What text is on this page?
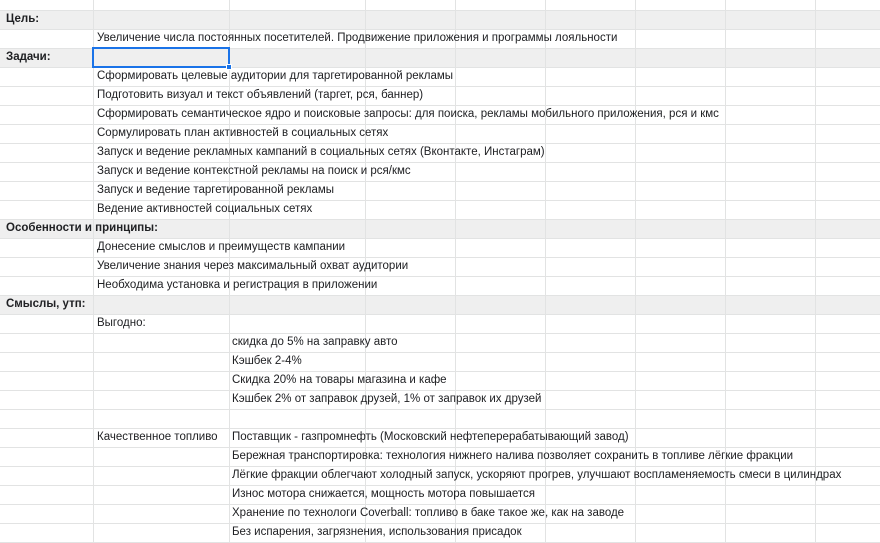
Цель:
Увеличение числа постоянных посетителей. Продвижение приложения и программы лояльности
Задачи:
Сформировать целевые аудитории для таргетированной рекламы
Подготовить визуал и текст объявлений (таргет, рся, баннер)
Сформировать семантическое ядро и поисковые запросы: для поиска, рекламы мобильного приложения, рся и кмс
Сормулировать план активностей в социальных сетях
Запуск и ведение рекламных кампаний в социальных сетях (Вконтакте, Инстаграм)
Запуск и ведение контекстной рекламы на поиск и рся/кмс
Запуск и ведение таргетированной рекламы
Ведение активностей социальных сетях
Особенности и принципы:
Донесение смыслов и преимуществ кампании
Увеличение знания через максимальный охват аудитории
Необходима установка и регистрация в приложении
Смыслы, утп:
Выгодно:
скидка до 5% на заправку авто
Кэшбек 2-4%
Скидка 20% на товары магазина и кафе
Кэшбек 2% от заправок друзей, 1% от заправок их друзей
Качественное топливо Поставщик - газпромнефть (Московский нефтеперерабатывающий завод)
Бережная транспортировка: технология нижнего налива позволяет сохранить в топливе лёгкие фракции
Лёгкие фракции облегчают холодный запуск, ускоряют прогрев, улучшают воспламеняемость смеси в цилиндрах
Износ мотора снижается, мощность мотора повышается
Хранение по технологи Coverball: топливо в баке такое же, как на заводе
Без испарения, загрязнения, использования присадок
